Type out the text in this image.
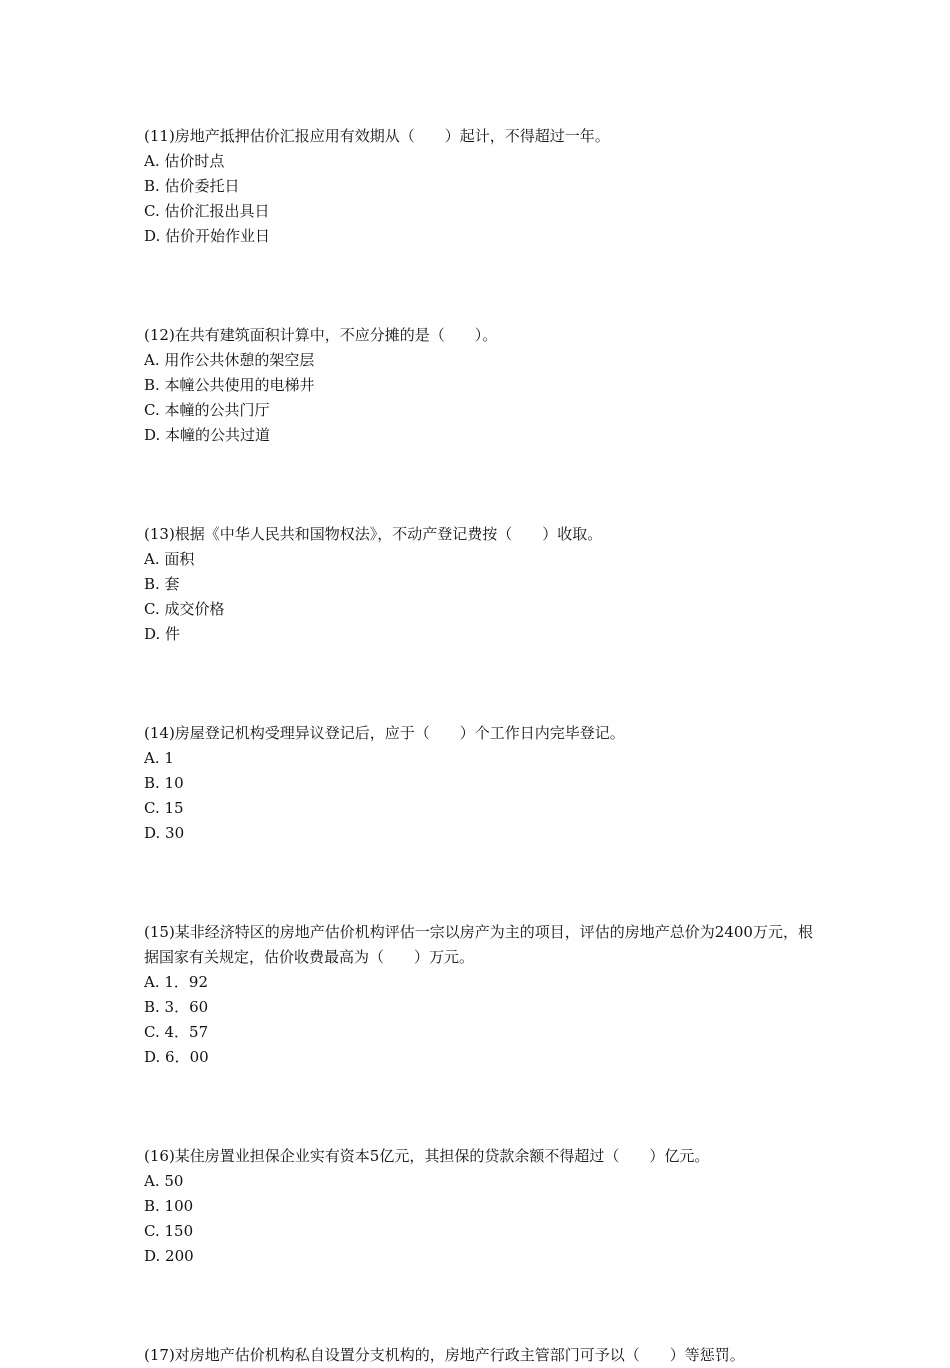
(11)房地产抵押估价汇报应用有效期从（　　）起计，不得超过一年。

A. 估价时点

B. 估价委托日

C. 估价汇报出具日

D. 估价开始作业日

(12)在共有建筑面积计算中，不应分摊的是（　　）。

A. 用作公共休憩的架空层

B. 本幢公共使用的电梯井

C. 本幢的公共门厅

D. 本幢的公共过道

(13)根据《中华人民共和国物权法》，不动产登记费按（　　）收取。

A. 面积

B. 套

C. 成交价格

D. 件

(14)房屋登记机构受理异议登记后，应于（　　）个工作日内完毕登记。

A. 1

B. 10

C. 15

D. 30

(15)某非经济特区的房地产估价机构评估一宗以房产为主的项目，评估的房地产总价为2400万元，根据国家有关规定，估价收费最高为（　　）万元。

A. 1．92

B. 3．60

C. 4．57

D. 6．00

(16)某住房置业担保企业实有资本5亿元，其担保的贷款余额不得超过（　　）亿元。

A. 50

B. 100

C. 150

D. 200

(17)对房地产估价机构私自设置分支机构的，房地产行政主管部门可予以（　　）等惩罚。
